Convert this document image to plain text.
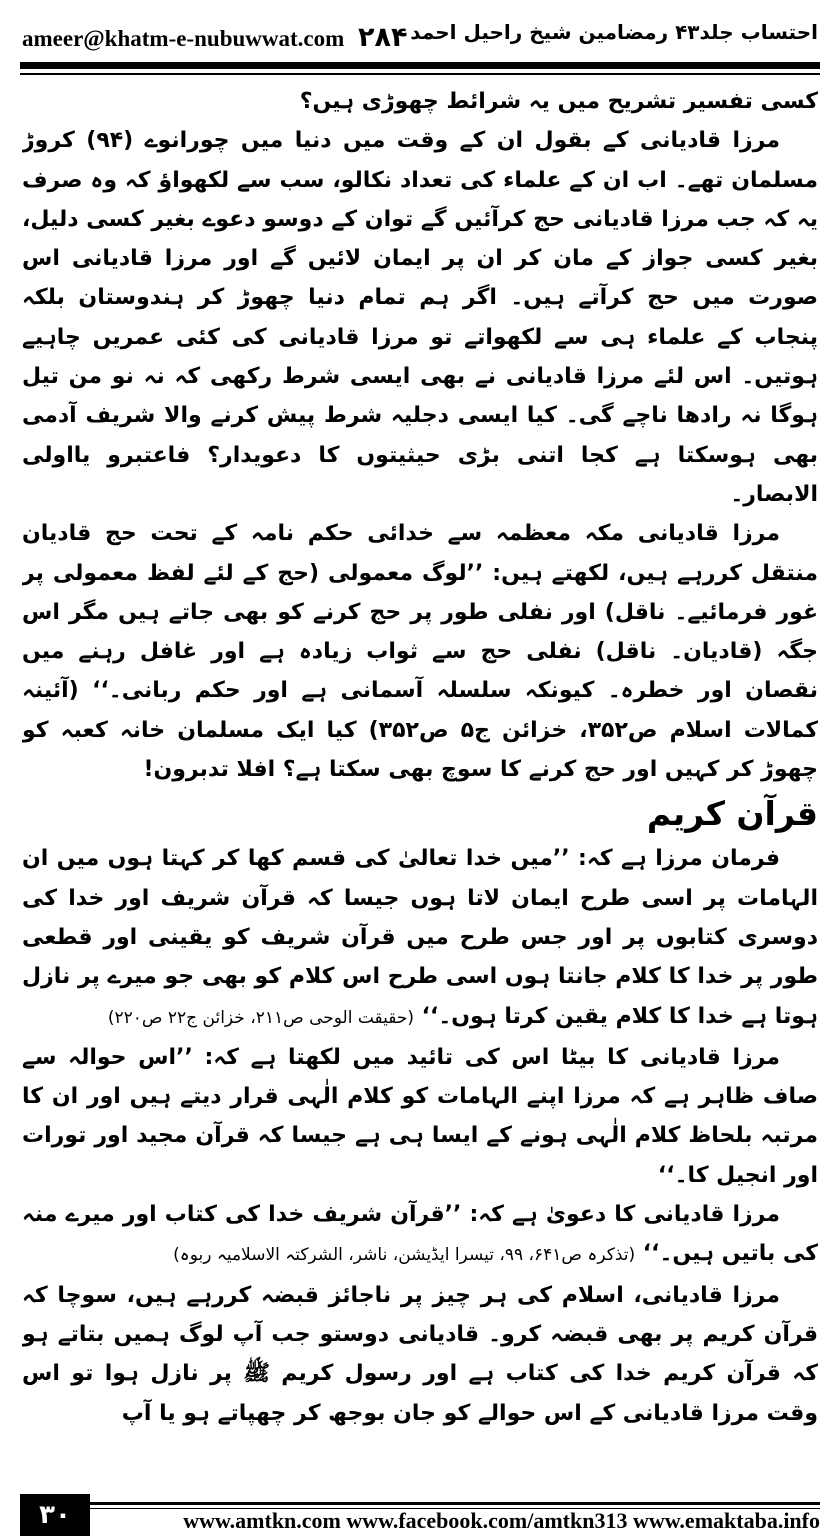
ameer@khatm-e-nubuwwat.com ۲۸۴ احتساب جلد۴۳ رمضامین شیخ راحیل احمد

کسی تفسیر تشریح میں یہ شرائط چھوڑی ہیں؟

مرزا قادیانی کے بقول ان کے وقت میں دنیا میں چورانوے (۹۴) کروڑ مسلمان تھے۔ اب ان کے علماء کی تعداد نکالو، سب سے لکھواؤ کہ وہ صرف یہ کہ جب مرزا قادیانی حج کرآئیں گے توان کے دوسو دعوے بغیر کسی دلیل، بغیر کسی جواز کے مان کر ان پر ایمان لائیں گے اور مرزا قادیانی اس صورت میں حج کرآتے ہیں۔ اگر ہم تمام دنیا چھوڑ کر ہندوستان بلکہ پنجاب کے علماء ہی سے لکھواتے تو مرزا قادیانی کی کئی عمریں چاہیے ہوتیں۔ اس لئے مرزا قادیانی نے بھی ایسی شرط رکھی کہ نہ نو من تیل ہوگا نہ رادھا ناچے گی۔ کیا ایسی دجلیہ شرط پیش کرنے والا شریف آدمی بھی ہوسکتا ہے کجا اتنی بڑی حیثیتوں کا دعویدار؟ فاعتبرو یااولی الابصار۔

مرزا قادیانی مکہ معظمہ سے خدائی حکم نامہ کے تحت حج قادیان منتقل کررہے ہیں، لکھتے ہیں: ’’لوگ معمولی (حج کے لئے لفظ معمولی پر غور فرمائیے۔ ناقل) اور نفلی طور پر حج کرنے کو بھی جاتے ہیں مگر اس جگہ (قادیان۔ ناقل) نفلی حج سے ثواب زیادہ ہے اور غافل رہنے میں نقصان اور خطرہ۔ کیونکہ سلسلہ آسمانی ہے اور حکم ربانی۔‘‘ (آئینہ کمالات اسلام ص۳۵۲، خزائن ج۵ ص۳۵۲) کیا ایک مسلمان خانہ کعبہ کو چھوڑ کر کہیں اور حج کرنے کا سوچ بھی سکتا ہے؟ افلا تدبرون!

قرآن کریم

فرمان مرزا ہے کہ: ’’میں خدا تعالیٰ کی قسم کھا کر کہتا ہوں میں ان الہامات پر اسی طرح ایمان لاتا ہوں جیسا کہ قرآن شریف اور خدا کی دوسری کتابوں پر اور جس طرح میں قرآن شریف کو یقینی اور قطعی طور پر خدا کا کلام جانتا ہوں اسی طرح اس کلام کو بھی جو میرے پر نازل ہوتا ہے خدا کا کلام یقین کرتا ہوں۔‘‘ (حقیقت الوحی ص۲۱۱، خزائن ج۲۲ ص۲۲۰)

مرزا قادیانی کا بیٹا اس کی تائید میں لکھتا ہے کہ: ’’اس حوالہ سے صاف ظاہر ہے کہ مرزا اپنے الہامات کو کلام الٰہی قرار دیتے ہیں اور ان کا مرتبہ بلحاظ کلام الٰہی ہونے کے ایسا ہی ہے جیسا کہ قرآن مجید اور تورات اور انجیل کا۔‘‘

مرزا قادیانی کا دعویٰ ہے کہ: ’’قرآن شریف خدا کی کتاب اور میرے منہ کی باتیں ہیں۔‘‘ (تذکرہ ص۶۴۱، ۹۹، تیسرا ایڈیشن، ناشر، الشرکتہ الاسلامیہ ربوہ)

مرزا قادیانی، اسلام کی ہر چیز پر ناجائز قبضہ کررہے ہیں، سوچا کہ قرآن کریم پر بھی قبضہ کرو۔ قادیانی دوستو جب آپ لوگ ہمیں بتاتے ہو کہ قرآن کریم خدا کی کتاب ہے اور رسول کریم ﷺ پر نازل ہوا تو اس وقت مرزا قادیانی کے اس حوالے کو جان بوجھ کر چھپاتے ہو یا آپ

۳۰	www.amtkn.com www.facebook.com/amtkn313 www.emaktaba.info
